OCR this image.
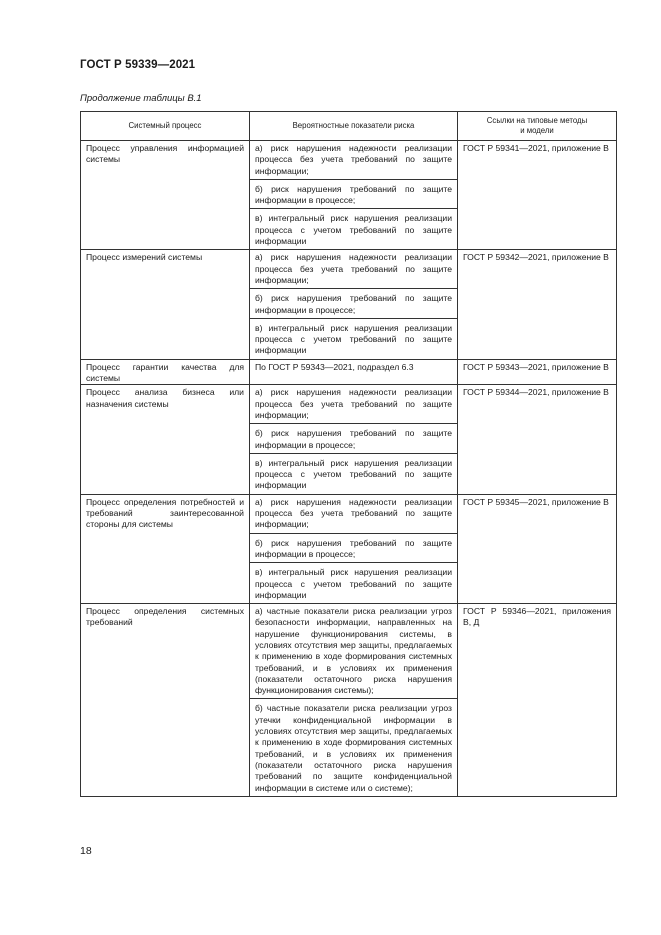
ГОСТ Р 59339—2021
Продолжение таблицы В.1
Системный процесс	Вероятностные показатели риска	Ссылки на типовые методы
и модели
Процесс управления информацией системы	а) риск нарушения надежности реализации процесса без учета требований по защите информации;
б) риск нарушения требований по защите информации в процессе;
в) интегральный риск нарушения реализации процесса с учетом требований по защите информации	ГОСТ Р 59341—2021, приложение В
Процесс измерений системы	а) риск нарушения надежности реализации процесса без учета требований по защите информации;
б) риск нарушения требований по защите информации в процессе;
в) интегральный риск нарушения реализации процесса с учетом требований по защите информации	ГОСТ Р 59342—2021, приложение В
Процесс гарантии качества для системы	По ГОСТ Р 59343—2021, подраздел 6.3	ГОСТ Р 59343—2021, приложение В
Процесс анализа бизнеса или назначения системы	а) риск нарушения надежности реализации процесса без учета требований по защите информации;
б) риск нарушения требований по защите информации в процессе;
в) интегральный риск нарушения реализации процесса с учетом требований по защите информации	ГОСТ Р 59344—2021, приложение В
Процесс определения потребностей и требований заинтересованной стороны для системы	а) риск нарушения надежности реализации процесса без учета требований по защите информации;
б) риск нарушения требований по защите информации в процессе;
в) интегральный риск нарушения реализации процесса с учетом требований по защите информации	ГОСТ Р 59345—2021, приложение В
Процесс определения системных требований	а) частные показатели риска реализации угроз безопасности информации, направленных на нарушение функционирования системы, в условиях отсутствия мер защиты, предлагаемых к применению в ходе формирования системных требований, и в условиях их применения (показатели остаточного риска нарушения функционирования системы);
б) частные показатели риска реализации угроз утечки конфиденциальной информации в условиях отсутствия мер защиты, предлагаемых к применению в ходе формирования системных требований, и в условиях их применения (показатели остаточного риска нарушения требований по защите конфиденциальной информации в системе или о системе);	ГОСТ Р 59346—2021, приложения В, Д
18
